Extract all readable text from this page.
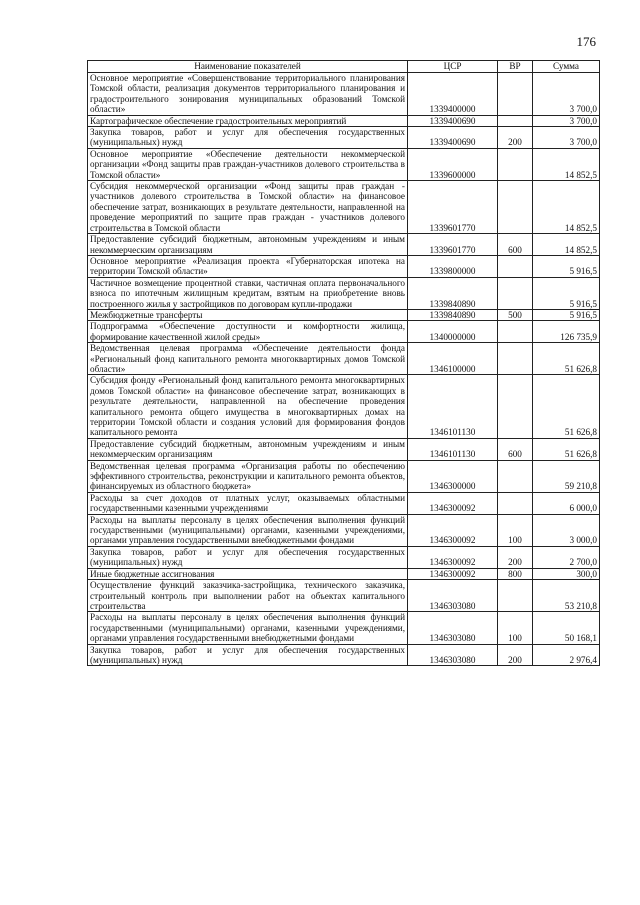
176
Наименование показателей	ЦСР	ВР	Сумма
Основное мероприятие «Совершенствование территориального планирования Томской области, реализация документов территориального планирования и градостроительного зонирования муниципальных образований Томской области»	1339400000		3 700,0
Картографическое обеспечение градостроительных мероприятий	1339400690		3 700,0
Закупка товаров, работ и услуг для обеспечения государственных (муниципальных) нужд	1339400690	200	3 700,0
Основное мероприятие «Обеспечение деятельности некоммерческой организации «Фонд защиты прав граждан-участников долевого строительства в Томской области»	1339600000		14 852,5
Субсидия некоммерческой организации «Фонд защиты прав граждан - участников долевого строительства в Томской области» на финансовое обеспечение затрат, возникающих в результате деятельности, направленной на проведение мероприятий по защите прав граждан - участников долевого строительства в Томской области	1339601770		14 852,5
Предоставление субсидий бюджетным, автономным учреждениям и иным некоммерческим организациям	1339601770	600	14 852,5
Основное мероприятие «Реализация проекта «Губернаторская ипотека на территории Томской области»	1339800000		5 916,5
Частичное возмещение процентной ставки, частичная оплата первоначального взноса по ипотечным жилищным кредитам, взятым на приобретение вновь построенного жилья у застройщиков по договорам купли-продажи	1339840890		5 916,5
Межбюджетные трансферты	1339840890	500	5 916,5
Подпрограмма «Обеспечение доступности и комфортности жилища, формирование качественной жилой среды»	1340000000		126 735,9
Ведомственная целевая программа «Обеспечение деятельности фонда «Региональный фонд капитального ремонта многоквартирных домов Томской области»	1346100000		51 626,8
Субсидия фонду «Региональный фонд капитального ремонта многоквартирных домов Томской области» на финансовое обеспечение затрат, возникающих в результате деятельности, направленной на обеспечение проведения капитального ремонта общего имущества в многоквартирных домах на территории Томской области и создания условий для формирования фондов капитального ремонта	1346101130		51 626,8
Предоставление субсидий бюджетным, автономным учреждениям и иным некоммерческим организациям	1346101130	600	51 626,8
Ведомственная целевая программа «Организация работы по обеспечению эффективного строительства, реконструкции и капитального ремонта объектов, финансируемых из областного бюджета»	1346300000		59 210,8
Расходы за счет доходов от платных услуг, оказываемых областными государственными казенными учреждениями	1346300092		6 000,0
Расходы на выплаты персоналу в целях обеспечения выполнения функций государственными (муниципальными) органами, казенными учреждениями, органами управления государственными внебюджетными фондами	1346300092	100	3 000,0
Закупка товаров, работ и услуг для обеспечения государственных (муниципальных) нужд	1346300092	200	2 700,0
Иные бюджетные ассигнования	1346300092	800	300,0
Осуществление функций заказчика-застройщика, технического заказчика, строительный контроль при выполнении работ на объектах капитального строительства	1346303080		53 210,8
Расходы на выплаты персоналу в целях обеспечения выполнения функций государственными (муниципальными) органами, казенными учреждениями, органами управления государственными внебюджетными фондами	1346303080	100	50 168,1
Закупка товаров, работ и услуг для обеспечения государственных (муниципальных) нужд	1346303080	200	2 976,4
